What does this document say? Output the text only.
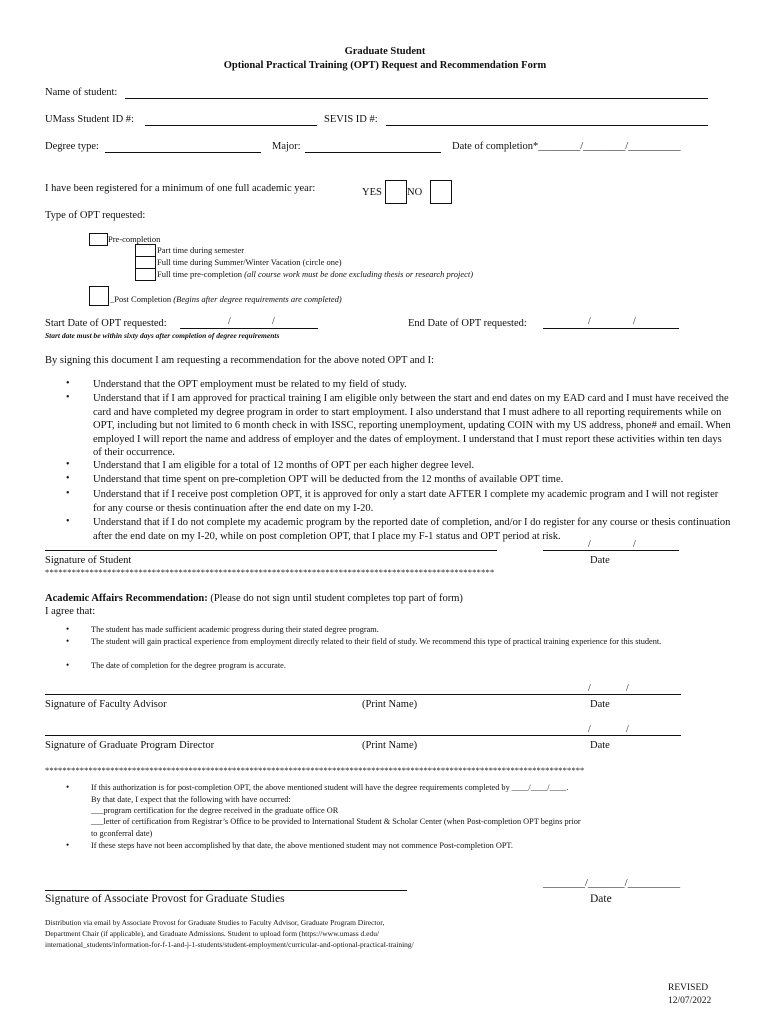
Graduate Student
Optional Practical Training (OPT) Request and Recommendation Form
Name of student:
UMass Student ID #:	SEVIS ID #:
Degree type:	Major:	Date of completion*________/________/__________
I have been registered for a minimum of one full academic year:	YES NO
Type of OPT requested:
Pre-completion
Part time during semester
Full time during Summer/Winter Vacation (circle one)
Full time pre-completion (all course work must be done excluding thesis or research project)
_Post Completion (Begins after degree requirements are completed)
Start Date of OPT requested:	/	/
Start date must be within sixty days after completion of degree requirements
End Date of OPT requested:	/	/
By signing this document I am requesting a recommendation for the above noted OPT and I:
• Understand that the OPT employment must be related to my field of study.
• Understand that if I am approved for practical training I am eligible only between the start and end dates on my EAD card and I must have received the card and have completed my degree program in order to start employment. I also understand that I must adhere to all reporting requirements while on OPT, including but not limited to 6 month check in with ISSC, reporting unemployment, updating COIN with my US address, phone# and email. When employed I will report the name and address of employer and the dates of employment. I understand that I must report these activities within ten days of their occurrence.
• Understand that I am eligible for a total of 12 months of OPT per each higher degree level.
• Understand that time spent on pre-completion OPT will be deducted from the 12 months of available OPT time.
• Understand that if I receive post completion OPT, it is approved for only a start date AFTER I complete my academic program and I will not register for any course or thesis continuation after the end date on my I-20.
• Understand that if I do not complete my academic program by the reported date of completion, and/or I do register for any course or thesis continuation after the end date on my I-20, while on post completion OPT, that I place my F-1 status and OPT period at risk.
/	/
Signature of Student	Date
*****************************************************************************************************
Academic Affairs Recommendation: (Please do not sign until student completes top part of form)
I agree that:
•	The student has made sufficient academic progress during their stated degree program.
•	The student will gain practical experience from employment directly related to their field of study. We recommend this type of practical training experience for this student.
•	The date of completion for the degree program is accurate.
/	/
Signature of Faculty Advisor	(Print Name)	Date
/	/
Signature of Graduate Program Director	(Print Name)	Date
****************************************************************************************************************************
•	If this authorization is for post-completion OPT, the above mentioned student will have the degree requirements completed by ____/____/____.
By that date, I expect that the following with have occurred:
___program certification for the degree received in the graduate office OR
___letter of certification from Registrar’s Office to be provided to International Student & Scholar Center (when Post-completion OPT begins prior
to gconferral date)
•	If these steps have not been accomplished by that date, the above mentioned student may not commence Post-completion OPT.
________/_______/__________
Signature of Associate Provost for Graduate Studies	Date
Distribution via email by Associate Provost for Graduate Studies to Faculty Advisor, Graduate Program Director,
Department Chair (if applicable), and Graduate Admissions. Student to upload form (https://www.umass d.edu/
international_students/information-for-f-1-and-j-1-students/student-employment/curricular-and-optional-practical-training/
REVISED
12/07/2022
